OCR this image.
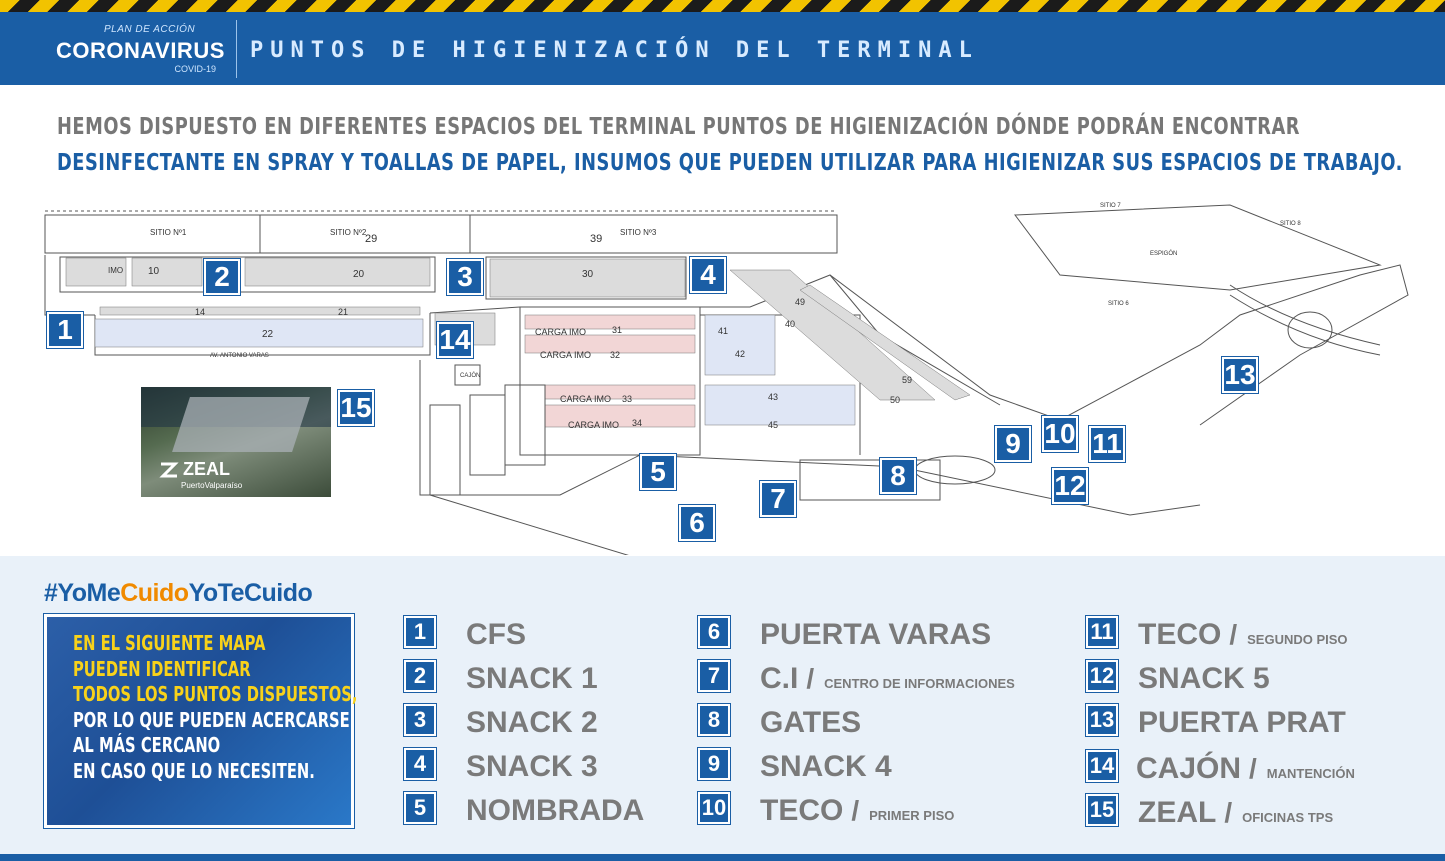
PLAN DE ACCIÓN
CORONAVIRUS
COVID-19
PUNTOS DE HIGIENIZACIÓN DEL TERMINAL
HEMOS DISPUESTO EN DIFERENTES ESPACIOS DEL TERMINAL PUNTOS DE HIGIENIZACIÓN DÓNDE PODRÁN ENCONTRAR
DESINFECTANTE EN SPRAY Y TOALLAS DE PAPEL, INSUMOS QUE PUEDEN UTILIZAR PARA HIGIENIZAR SUS ESPACIOS DE TRABAJO.
SITIO Nº1	SITIO Nº2	SITIO Nº3
29	39
IMO 10	20	30
14	21
22
AV. ANTONIO VARAS
CARGA IMO
CARGA IMO
CARGA IMO
CARGA IMO
31
32
33
34
41
42
43
45
40
49
59
50
CAJÓN
ESPIGÓN
SITIO 7
SITIO 8
SITIO 6
1
2	3	4
5
6
7
8
9 10 11
12
13
14
15
ZEAL
PuertoValparaíso
#YoMeCuidoYoTeCuido
EN EL SIGUIENTE MAPA
PUEDEN IDENTIFICAR
TODOS LOS PUNTOS DISPUESTOS,
POR LO QUE PUEDEN ACERCARSE
AL MÁS CERCANO
EN CASO QUE LO NECESITEN.
1	CFS
2	SNACK 1
3	SNACK 2
4	SNACK 3
5	NOMBRADA
6	PUERTA VARAS
7	C.I / CENTRO DE INFORMACIONES
8	GATES
9	SNACK 4
10 TECO / PRIMER PISO
11 TECO / SEGUNDO PISO
12 SNACK 5
13 PUERTA PRAT
14 CAJÓN / MANTENCIÓN
15 ZEAL / OFICINAS TPS
